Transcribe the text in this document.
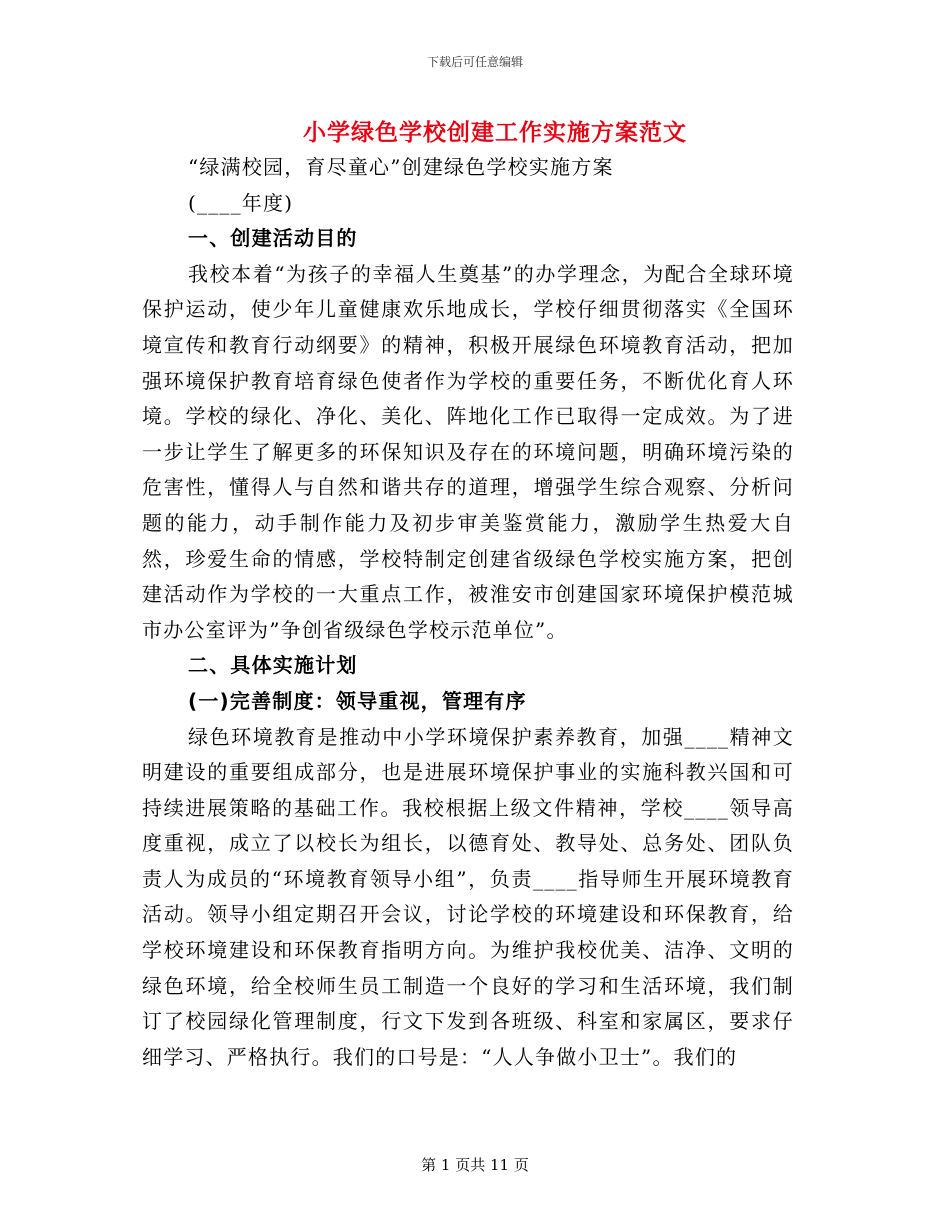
下载后可任意编辑
小学绿色学校创建工作实施方案范文

“绿满校园，育尽童心”创建绿色学校实施方案

(____年度)

一、创建活动目的

我校本着“为孩子的幸福人生奠基”的办学理念，为配合全球环境保护运动，使少年儿童健康欢乐地成长，学校仔细贯彻落实《全国环境宣传和教育行动纲要》的精神，积极开展绿色环境教育活动，把加强环境保护教育培育绿色使者作为学校的重要任务，不断优化育人环境。学校的绿化、净化、美化、阵地化工作已取得一定成效。为了进一步让学生了解更多的环保知识及存在的环境问题，明确环境污染的危害性，懂得人与自然和谐共存的道理，增强学生综合观察、分析问题的能力，动手制作能力及初步审美鉴赏能力，激励学生热爱大自然，珍爱生命的情感，学校特制定创建省级绿色学校实施方案，把创建活动作为学校的一大重点工作，被淮安市创建国家环境保护模范城市办公室评为”争创省级绿色学校示范单位”。

二、具体实施计划

(一)完善制度：领导重视，管理有序

绿色环境教育是推动中小学环境保护素养教育，加强____精神文明建设的重要组成部分，也是进展环境保护事业的实施科教兴国和可持续进展策略的基础工作。我校根据上级文件精神，学校____领导高度重视，成立了以校长为组长，以德育处、教导处、总务处、团队负责人为成员的“环境教育领导小组”，负责____指导师生开展环境教育活动。领导小组定期召开会议，讨论学校的环境建设和环保教育，给学校环境建设和环保教育指明方向。为维护我校优美、洁净、文明的绿色环境，给全校师生员工制造一个良好的学习和生活环境，我们制订了校园绿化管理制度，行文下发到各班级、科室和家属区，要求仔细学习、严格执行。我们的口号是：“人人争做小卫士”。我们的

第 1 页共 11 页
